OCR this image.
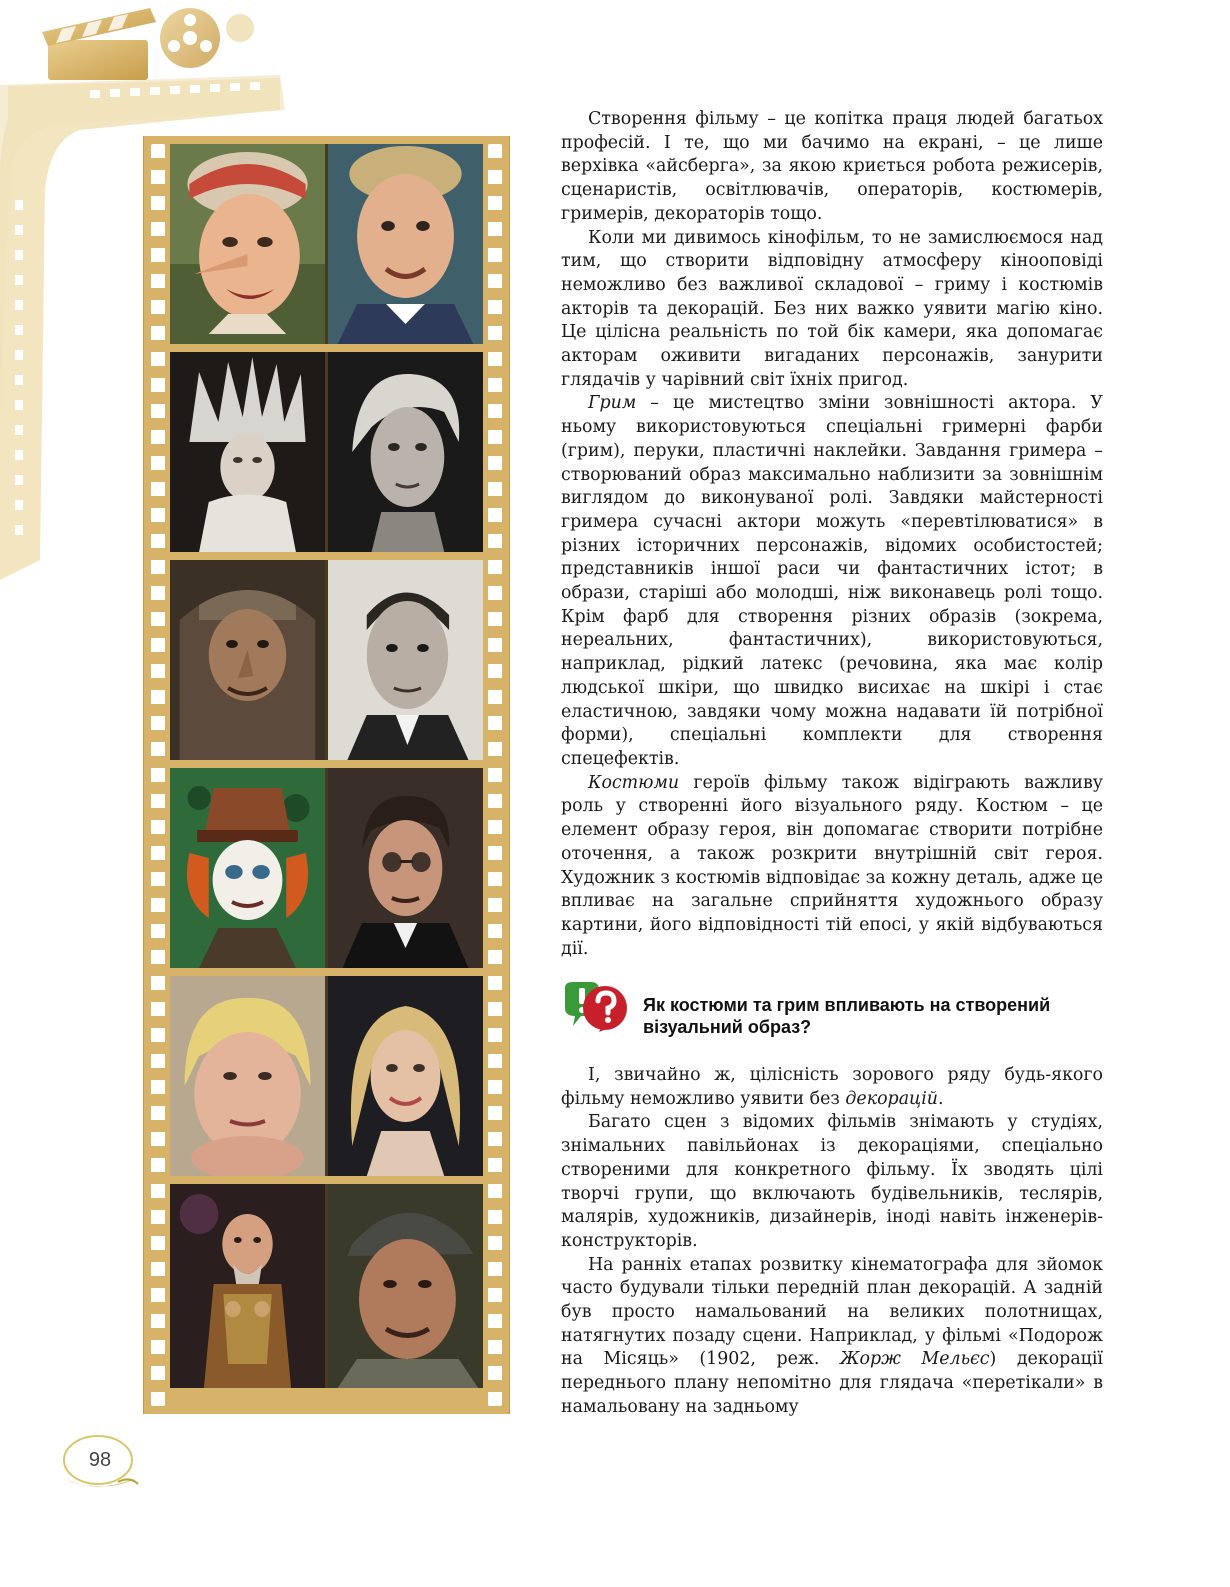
Створення фільму – це копітка праця людей багатьох професій. І те, що ми бачимо на екрані, – це лише верхівка «айсберга», за якою криється робота режисерів, сценаристів, освітлювачів, операторів, костюмерів, гримерів, декораторів тощо.

Коли ми дивимось кінофільм, то не замислюємося над тим, що створити відповідну атмосферу кінооповіді неможливо без важливої складової – гриму і костюмів акторів та декорацій. Без них важко уявити магію кіно. Це цілісна реальність по той бік камери, яка допомагає акторам оживити вигаданих персонажів, занурити глядачів у чарівний світ їхніх пригод.

Грим – це мистецтво зміни зовнішності актора. У ньому використовуються спеціальні гримерні фарби (грим), перуки, пластичні наклейки. Завдання гримера – створюваний образ максимально наблизити за зовнішнім виглядом до виконуваної ролі. Завдяки майстерності гримера сучасні актори можуть «перевтілюватися» в різних історичних персонажів, відомих особистостей; представників іншої раси чи фантастичних істот; в образи, старіші або молодші, ніж виконавець ролі тощо. Крім фарб для створення різних образів (зокрема, нереальних, фантастичних), використовуються, наприклад, рідкий латекс (речовина, яка має колір людської шкіри, що швидко висихає на шкірі і стає еластичною, завдяки чому можна надавати їй потрібної форми), спеціальні комплекти для створення спецефектів.

Костюми героїв фільму також відіграють важливу роль у створенні його візуального ряду. Костюм – це елемент образу героя, він допомагає створити потрібне оточення, а також розкрити внутрішній світ героя. Художник з костюмів відповідає за кожну деталь, адже це впливає на загальне сприйняття художнього образу картини, його відповідності тій епосі, у якій відбуваються дії.

Як костюми та грим впливають на створений візуальний образ?

І, звичайно ж, цілісність зорового ряду будь-якого фільму неможливо уявити без декорацій.

Багато сцен з відомих фільмів знімають у студіях, знімальних павільйонах із декораціями, спеціально створеними для конкретного фільму. Їх зводять цілі творчі групи, що включають будівельників, теслярів, малярів, художників, дизайнерів, іноді навіть інженерів-конструкторів.

На ранніх етапах розвитку кінематографа для зйомок часто будували тільки передній план декорацій. А задній був просто намальований на великих полотнищах, натягнутих позаду сцени. Наприклад, у фільмі «Подорож на Місяць» (1902, реж. Жорж Мельєс) декорації переднього плану непомітно для глядача «перетікали» в намальовану на задньому

98
